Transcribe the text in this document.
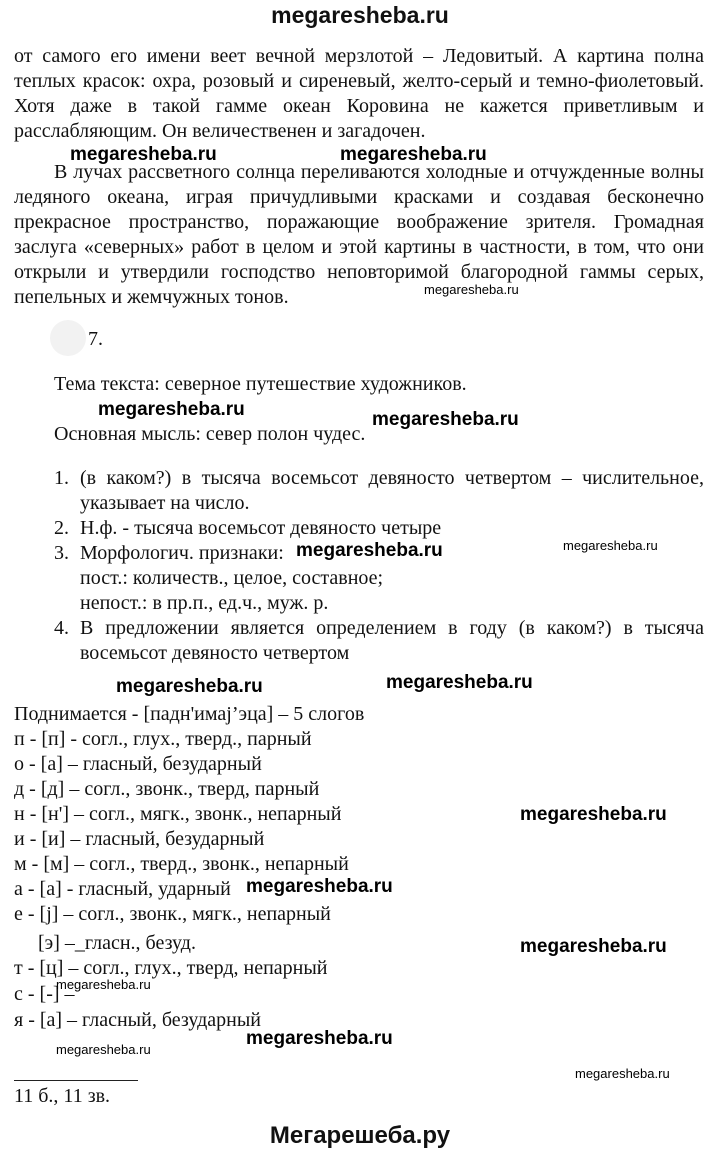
megaresheba.ru

от самого его имени веет вечной мерзлотой – Ледовитый. А картина полна теплых красок: охра, розовый и сиреневый, желто-серый и темно-фиолетовый. Хотя даже в такой гамме океан Коровина не кажется приветливым и расслабляющим. Он величественен и загадочен.

В лучах рассветного солнца переливаются холодные и отчужденные волны ледяного океана, играя причудливыми красками и создавая бесконечно прекрасное пространство, поражающие воображение зрителя. Громадная заслуга «северных» работ в целом и этой картины в частности, в том, что они открыли и утвердили господство неповторимой благородной гаммы серых, пепельных и жемчужных тонов.

7.
Тема текста: северное путешествие художников.
Основная мысль: север полон чудес.
1. (в каком?) в тысяча восемьсот девяносто четвертом – числительное, указывает на число.
2. Н.ф. - тысяча восемьсот девяносто четыре
3. Морфологич. признаки:
пост.: количеств., целое, составное;
непост.: в пр.п., ед.ч., муж. р.
4. В предложении является определением в году (в каком?) в тысяча восемьсот девяносто четвертом
Поднимается - [падн'имаj’эца] – 5 слогов
п - [п] - согл., глух., тверд., парный
о - [а] – гласный, безударный
д - [д] – согл., звонк., тверд, парный
н - [н'] – согл., мягк., звонк., непарный
и - [и] – гласный, безударный
м - [м] – согл., тверд., звонк., непарный
а - [а] - гласный, ударный
е - [j] – согл., звонк., мягк., непарный
[э] –_гласн., безуд.
т - [ц] – согл., глух., тверд, непарный
с - [-] –
я - [а] – гласный, безударный
11 б., 11 зв.
megaresheba.ru	megaresheba.ru
megaresheba.ru
megaresheba.ru	megaresheba.ru
megaresheba.ru	megaresheba.ru
megaresheba.ru	megaresheba.ru
megaresheba.ru
megaresheba.ru
megaresheba.ru
megaresheba.ru
megaresheba.ru
megaresheba.ru
megaresheba.ru
Мегарешеба.ру
